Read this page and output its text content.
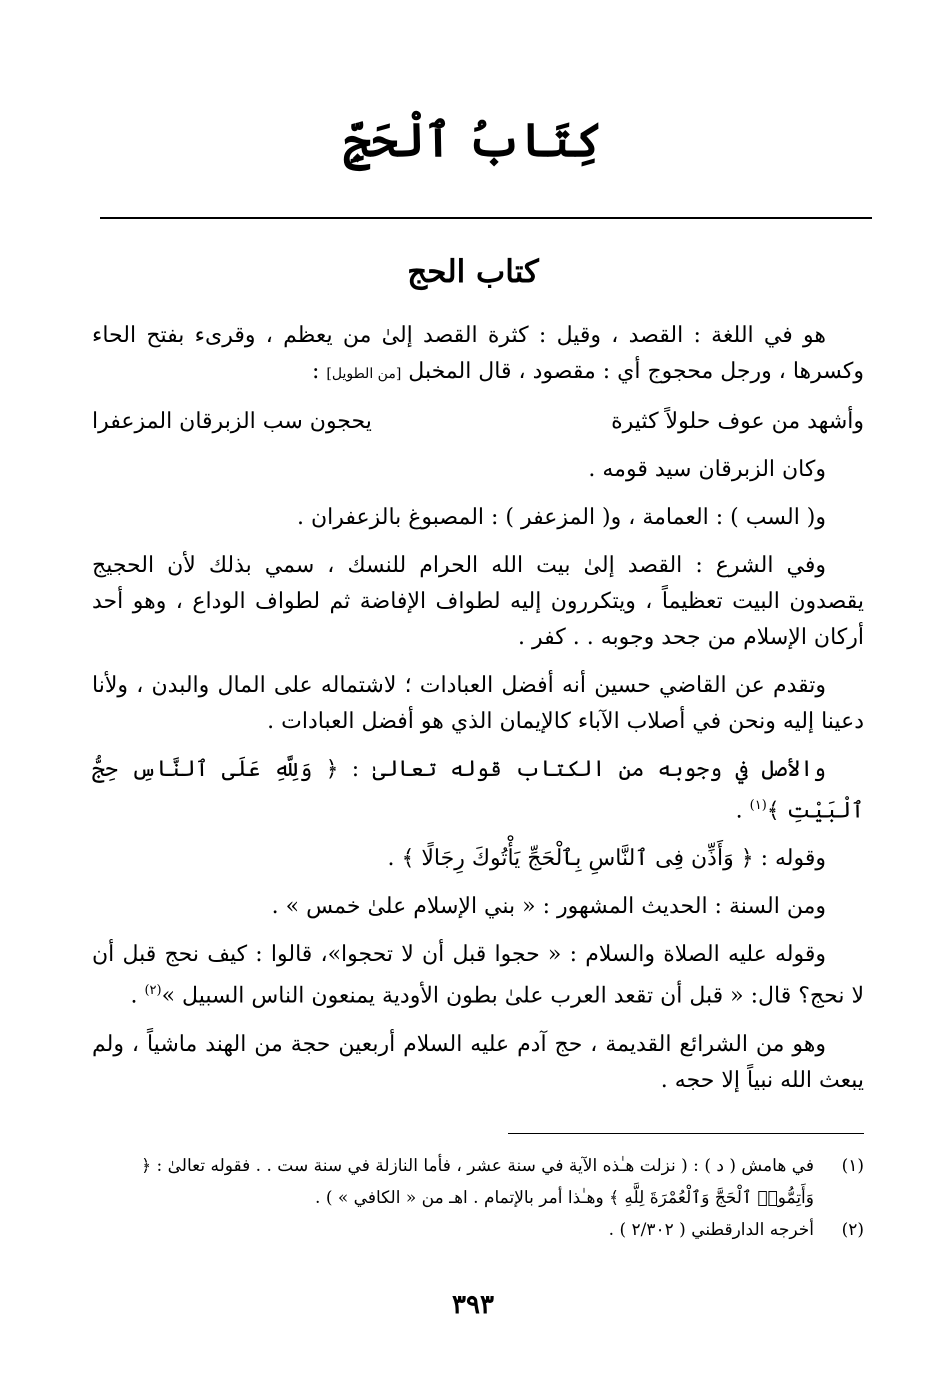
كِتَابُ ٱلْحَجِّ
كتاب الحج

هو في اللغة : القصد ، وقيل : كثرة القصد إلىٰ من يعظم ، وقرىء بفتح الحاء وكسرها ، ورجل محجوج أي : مقصود ، قال المخبل [من الطويل] :

وأشهد من عوف حلولاً كثيرة
يحجون سب الزبرقان المزعفرا

وكان الزبرقان سيد قومه .

و( السب ) : العمامة ، و( المزعفر ) : المصبوغ بالزعفران .

وفي الشرع : القصد إلىٰ بيت الله الحرام للنسك ، سمي بذلك لأن الحجيج يقصدون البيت تعظيماً ، ويتكررون إليه لطواف الإفاضة ثم لطواف الوداع ، وهو أحد أركان الإسلام من جحد وجوبه . . كفر .

وتقدم عن القاضي حسين أنه أفضل العبادات ؛ لاشتماله على المال والبدن ، ولأنا دعينا إليه ونحن في أصلاب الآباء كالإيمان الذي هو أفضل العبادات .

والأصل في وجوبه من الكتاب قوله تعالىٰ : ﴿ وَلِلَّهِ عَلَى ٱلنَّاسِ حِجُّ ٱلْبَيْتِ ﴾$^{(١)}$ .

وقوله : ﴿ وَأَذِّن فِى ٱلنَّاسِ بِٱلْحَجِّ يَأْتُوكَ رِجَالًا ﴾ .

ومن السنة : الحديث المشهور : « بني الإسلام علىٰ خمس » .

وقوله عليه الصلاة والسلام : « حجوا قبل أن لا تحجوا»، قالوا : كيف نحج قبل أن لا نحج؟ قال: « قبل أن تقعد العرب علىٰ بطون الأودية يمنعون الناس السبيل »$^{(٢)}$ .

وهو من الشرائع القديمة ، حج آدم عليه السلام أربعين حجة من الهند ماشياً ، ولم يبعث الله نبياً إلا حجه .

(١)
في هامش ( د ) : ( نزلت هـٰذه الآية في سنة عشر ، فأما النازلة في سنة ست . . فقوله تعالىٰ : ﴿ وَأَتِمُّوا۟ ٱلْحَجَّ وَٱلْعُمْرَةَ لِلَّهِ ﴾ وهـٰذا أمر بالإتمام . اهـ من « الكافي » ) .
(٢)
أخرجه الدارقطني ( ٢/٣٠٢ ) .
٣٩٣
